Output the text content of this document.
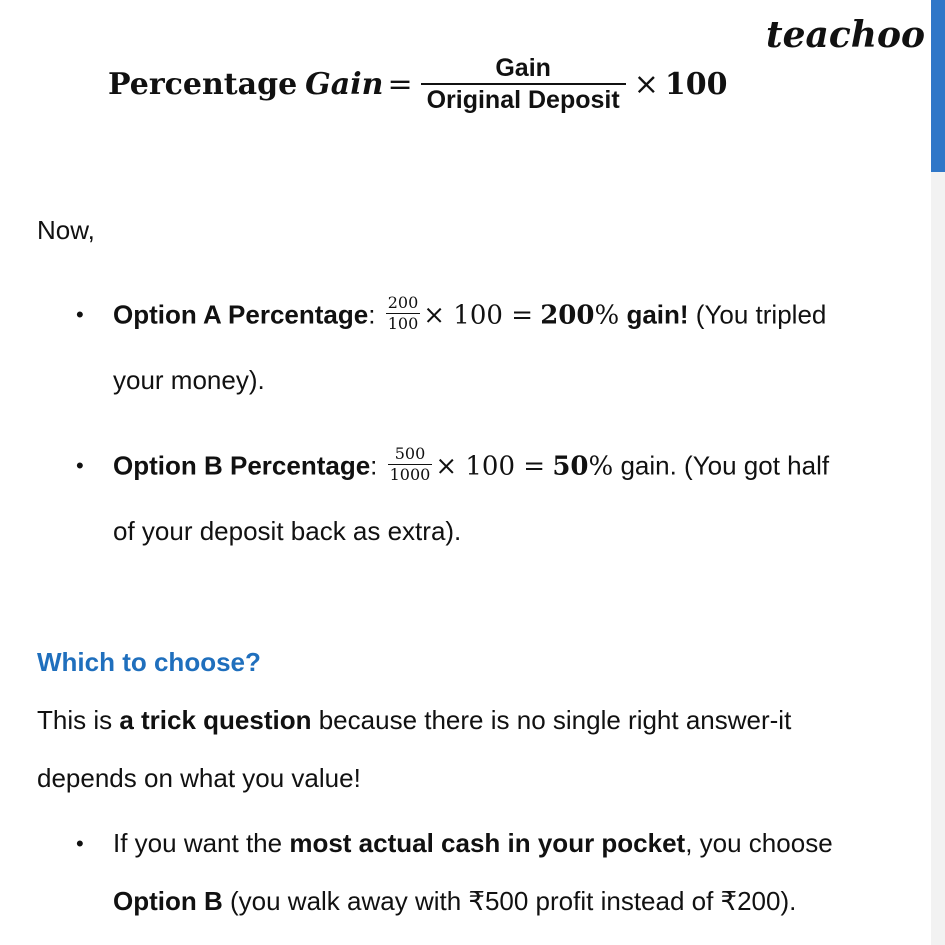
teachoo
Percentage Gain = $\frac{\text{Gain}}{\text{Original Deposit}} \times 100$
Now,
• Option A Percentage: $\frac{200}{100} \times 100 = 200\%$ gain! (You tripled
your money).
• Option B Percentage: $\frac{500}{1000} \times 100 = 50\%$ gain. (You got half
of your deposit back as extra).
Which to choose?
This is a trick question because there is no single right answer-it
depends on what you value!
• If you want the most actual cash in your pocket, you choose
Option B (you walk away with ₹500 profit instead of ₹200).
